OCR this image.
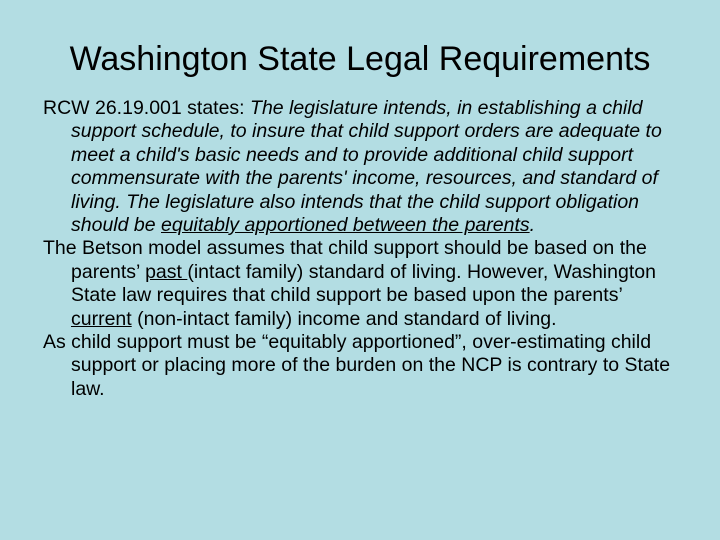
Washington State Legal Requirements

RCW 26.19.001 states: The legislature intends, in establishing a child support schedule, to insure that child support orders are adequate to meet a child's basic needs and to provide additional child support commensurate with the parents' income, resources, and standard of living. The legislature also intends that the child support obligation should be equitably apportioned between the parents.

The Betson model assumes that child support should be based on the parents’ past (intact family) standard of living. However, Washington State law requires that child support be based upon the parents’ current (non-intact family) income and standard of living.

As child support must be “equitably apportioned”, over-estimating child support or placing more of the burden on the NCP is contrary to State law.
